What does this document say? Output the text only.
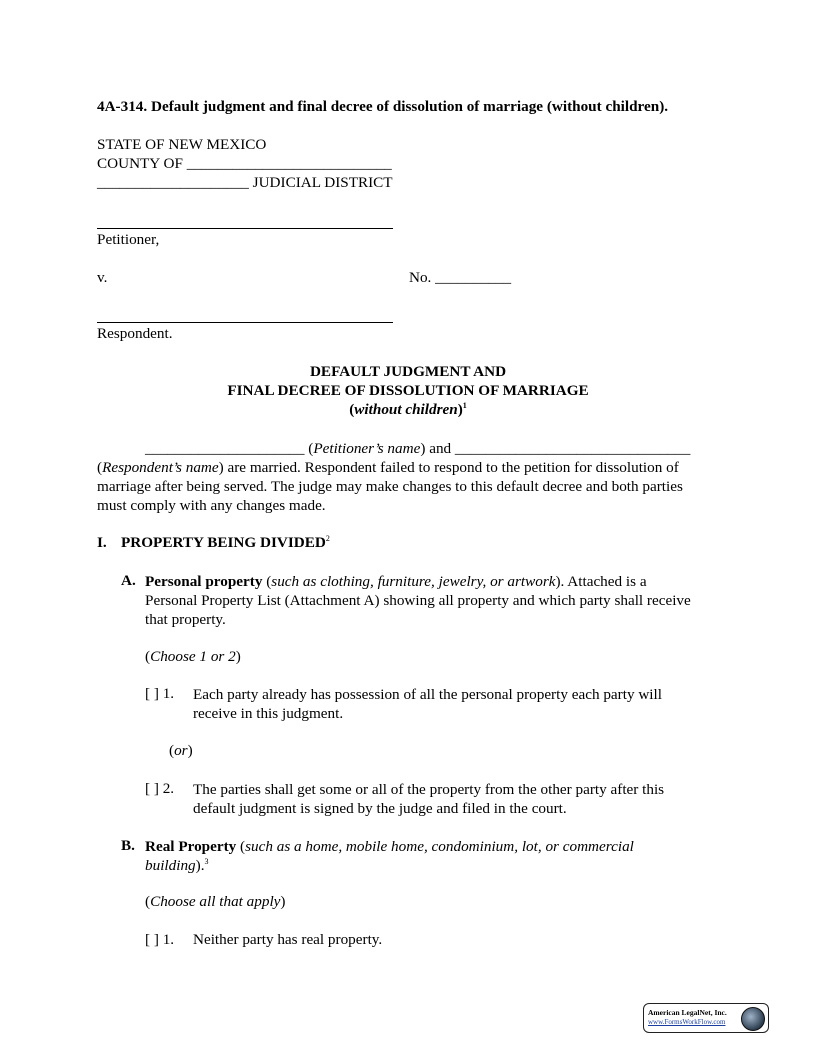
4A-314. Default judgment and final decree of dissolution of marriage (without children).
STATE OF NEW MEXICO
COUNTY OF ___________________________
____________________ JUDICIAL DISTRICT
Petitioner,
v.	No. __________
Respondent.
DEFAULT JUDGMENT AND
FINAL DECREE OF DISSOLUTION OF MARRIAGE
(without children)$^1$
_____________________ (Petitioner’s name) and _______________________________
(Respondent’s name) are married. Respondent failed to respond to the petition for dissolution of
marriage after being served. The judge may make changes to this default decree and both parties
must comply with any changes made.
I. PROPERTY BEING DIVIDED$^2$
A. Personal property (such as clothing, furniture, jewelry, or artwork). Attached is a
Personal Property List (Attachment A) showing all property and which party shall receive
that property.
(Choose 1 or 2)
[ ] 1. Each party already has possession of all the personal property each party will
receive in this judgment.
(or)
[ ] 2. The parties shall get some or all of the property from the other party after this
default judgment is signed by the judge and filed in the court.
B. Real Property (such as a home, mobile home, condominium, lot, or commercial
building).$^3$
(Choose all that apply)
[ ] 1. Neither party has real property.
American LegalNet, Inc.
www.FormsWorkFlow.com
